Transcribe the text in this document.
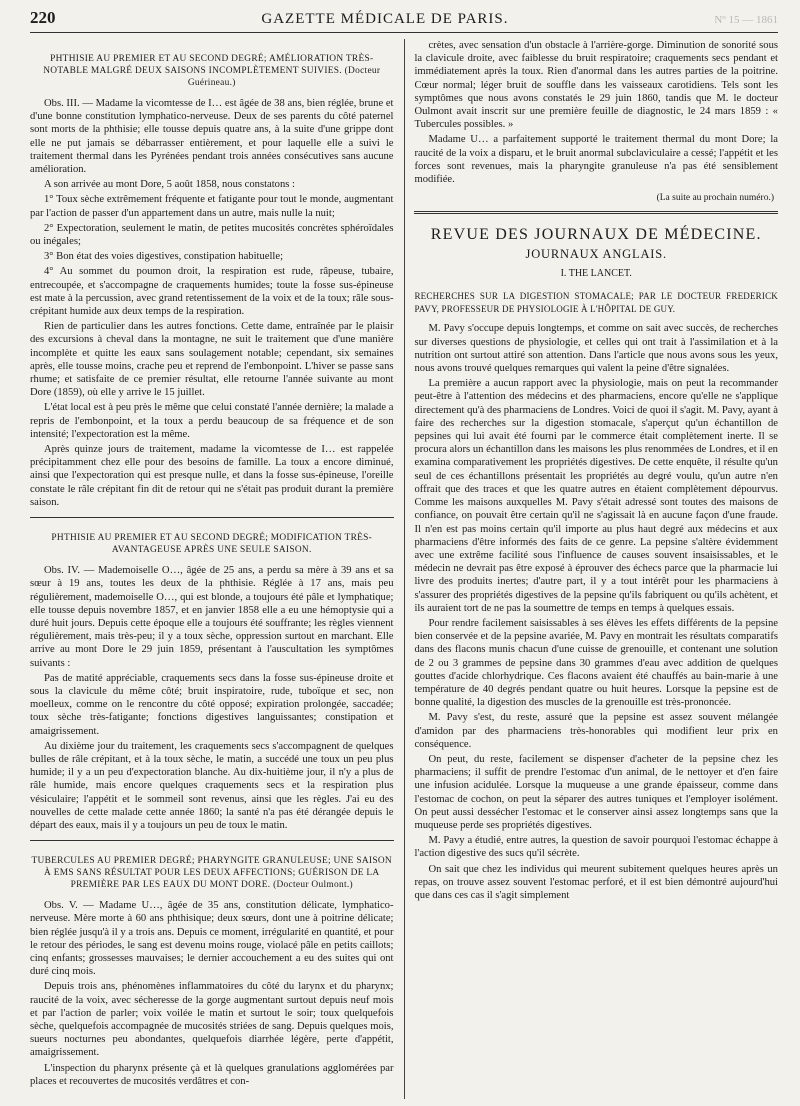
220	GAZETTE MÉDICALE DE PARIS.	Nº 15 — 1861
PHTHISIE AU PREMIER ET AU SECOND DEGRÉ; AMÉLIORATION TRÈS-NOTABLE MALGRÉ DEUX SAISONS INCOMPLÈTEMENT SUIVIES. (Docteur Guérineau.)

Obs. III. — Madame la vicomtesse de I… est âgée de 38 ans, bien réglée, brune et d'une bonne constitution lymphatico-nerveuse. Deux de ses parents du côté paternel sont morts de la phthisie; elle tousse depuis quatre ans, à la suite d'une grippe dont elle ne put jamais se débarrasser entièrement, et pour laquelle elle a suivi le traitement thermal dans les Pyrénées pendant trois années consécutives sans aucune amélioration.

A son arrivée au mont Dore, 5 août 1858, nous constatons :

1° Toux sèche extrêmement fréquente et fatigante pour tout le monde, augmentant par l'action de passer d'un appartement dans un autre, mais nulle la nuit;

2° Expectoration, seulement le matin, de petites mucosités concrètes sphéroïdales ou inégales;

3° Bon état des voies digestives, constipation habituelle;

4° Au sommet du poumon droit, la respiration est rude, râpeuse, tubaire, entrecoupée, et s'accompagne de craquements humides; toute la fosse sus-épineuse est mate à la percussion, avec grand retentissement de la voix et de la toux; râle sous-crépitant humide aux deux temps de la respiration.

Rien de particulier dans les autres fonctions. Cette dame, entraînée par le plaisir des excursions à cheval dans la montagne, ne suit le traitement que d'une manière incomplète et quitte les eaux sans soulagement notable; cependant, six semaines après, elle tousse moins, crache peu et reprend de l'embonpoint. L'hiver se passe sans rhume; et satisfaite de ce premier résultat, elle retourne l'année suivante au mont Dore (1859), où elle y arrive le 15 juillet.

L'état local est à peu près le même que celui constaté l'année dernière; la malade a repris de l'embonpoint, et la toux a perdu beaucoup de sa fréquence et de son intensité; l'expectoration est la même.

Après quinze jours de traitement, madame la vicomtesse de I… est rappelée précipitamment chez elle pour des besoins de famille. La toux a encore diminué, ainsi que l'expectoration qui est presque nulle, et dans la fosse sus-épineuse, l'oreille constate le râle crépitant fin dit de retour qui ne s'était pas produit durant la première saison.

PHTHISIE AU PREMIER ET AU SECOND DEGRÉ; MODIFICATION TRÈS-AVANTAGEUSE APRÈS UNE SEULE SAISON.

Obs. IV. — Mademoiselle O…, âgée de 25 ans, a perdu sa mère à 39 ans et sa sœur à 19 ans, toutes les deux de la phthisie. Réglée à 17 ans, mais peu régulièrement, mademoiselle O…, qui est blonde, a toujours été pâle et lymphatique; elle tousse depuis novembre 1857, et en janvier 1858 elle a eu une hémoptysie qui a duré huit jours. Depuis cette époque elle a toujours été souffrante; les règles viennent régulièrement, mais très-peu; il y a toux sèche, oppression surtout en marchant. Elle arrive au mont Dore le 29 juin 1859, présentant à l'auscultation les symptômes suivants :

Pas de matité appréciable, craquements secs dans la fosse sus-épineuse droite et sous la clavicule du même côté; bruit inspiratoire, rude, tuboïque et sec, non moelleux, comme on le rencontre du côté opposé; expiration prolongée, saccadée; toux sèche très-fatigante; fonctions digestives languissantes; constipation et amaigrissement.

Au dixième jour du traitement, les craquements secs s'accompagnent de quelques bulles de râle crépitant, et à la toux sèche, le matin, a succédé une toux un peu plus humide; il y a un peu d'expectoration blanche. Au dix-huitième jour, il n'y a plus de râle humide, mais encore quelques craquements secs et la respiration plus vésiculaire; l'appétit et le sommeil sont revenus, ainsi que les règles. J'ai eu des nouvelles de cette malade cette année 1860; la santé n'a pas été dérangée depuis le départ des eaux, mais il y a toujours un peu de toux le matin.

TUBERCULES AU PREMIER DEGRÉ; PHARYNGITE GRANULEUSE; UNE SAISON À EMS SANS RÉSULTAT POUR LES DEUX AFFECTIONS; GUÉRISON DE LA PREMIÈRE PAR LES EAUX DU MONT DORE. (Docteur Oulmont.)

Obs. V. — Madame U…, âgée de 35 ans, constitution délicate, lymphatico-nerveuse. Mère morte à 60 ans phthisique; deux sœurs, dont une à poitrine délicate; bien réglée jusqu'à il y a trois ans. Depuis ce moment, irrégularité en quantité, et pour le retour des périodes, le sang est devenu moins rouge, violacé pâle en petits caillots; cinq enfants; grossesses mauvaises; le dernier accouchement a eu des suites qui ont duré cinq mois.

Depuis trois ans, phénomènes inflammatoires du côté du larynx et du pharynx; raucité de la voix, avec sécheresse de la gorge augmentant surtout depuis neuf mois et par l'action de parler; voix voilée le matin et surtout le soir; toux quelquefois sèche, quelquefois accompagnée de mucosités striées de sang. Depuis quelques mois, sueurs nocturnes peu abondantes, quelquefois diarrhée légère, perte d'appétit, amaigrissement.

L'inspection du pharynx présente çà et là quelques granulations agglomérées par places et recouvertes de mucosités verdâtres et con-

crètes, avec sensation d'un obstacle à l'arrière-gorge. Diminution de sonorité sous la clavicule droite, avec faiblesse du bruit respiratoire; craquements secs pendant et immédiatement après la toux. Rien d'anormal dans les autres parties de la poitrine. Cœur normal; léger bruit de souffle dans les vaisseaux carotidiens. Tels sont les symptômes que nous avons constatés le 29 juin 1860, tandis que M. le docteur Oulmont avait inscrit sur une première feuille de diagnostic, le 24 mars 1859 : « Tubercules possibles. »

Madame U… a parfaitement supporté le traitement thermal du mont Dore; la raucité de la voix a disparu, et le bruit anormal subclaviculaire a cessé; l'appétit et les forces sont revenues, mais la pharyngite granuleuse n'a pas été sensiblement modifiée.

(La suite au prochain numéro.)
REVUE DES JOURNAUX DE MÉDECINE.
JOURNAUX ANGLAIS.
I. THE LANCET.

RECHERCHES SUR LA DIGESTION STOMACALE; PAR LE DOCTEUR FREDERICK PAVY, PROFESSEUR DE PHYSIOLOGIE À L'HÔPITAL DE GUY.

M. Pavy s'occupe depuis longtemps, et comme on sait avec succès, de recherches sur diverses questions de physiologie, et celles qui ont trait à l'assimilation et à la nutrition ont surtout attiré son attention. Dans l'article que nous avons sous les yeux, nous avons trouvé quelques remarques qui valent la peine d'être signalées.

La première a aucun rapport avec la physiologie, mais on peut la recommander peut-être à l'attention des médecins et des pharmaciens, encore qu'elle ne s'applique directement qu'à des pharmaciens de Londres. Voici de quoi il s'agit. M. Pavy, ayant à faire des recherches sur la digestion stomacale, s'aperçut qu'un échantillon de pepsines qui lui avait été fourni par le commerce était complètement inerte. Il se procura alors un échantillon dans les maisons les plus renommées de Londres, et il en examina comparativement les propriétés digestives. De cette enquête, il résulte qu'un seul de ces échantillons présentait les propriétés au degré voulu, qu'un autre n'en offrait que des traces et que les quatre autres en étaient complètement dépourvus. Comme les maisons auxquelles M. Pavy s'était adressé sont toutes des maisons de confiance, on pouvait être certain qu'il ne s'agissait là en aucune façon d'une fraude. Il n'en est pas moins certain qu'il importe au plus haut degré aux médecins et aux pharmaciens d'être informés des faits de ce genre. La pepsine s'altère évidemment avec une extrême facilité sous l'influence de causes souvent insaisissables, et le médecin ne devrait pas être exposé à éprouver des échecs parce que la pharmacie lui livre des produits inertes; d'autre part, il y a tout intérêt pour les pharmaciens à s'assurer des propriétés digestives de la pepsine qu'ils fabriquent ou qu'ils achètent, et ils auraient tort de ne pas la soumettre de temps en temps à quelques essais.

Pour rendre facilement saisissables à ses élèves les effets différents de la pepsine bien conservée et de la pepsine avariée, M. Pavy en montrait les résultats comparatifs dans des flacons munis chacun d'une cuisse de grenouille, et contenant une solution de 2 ou 3 grammes de pepsine dans 30 grammes d'eau avec addition de quelques gouttes d'acide chlorhydrique. Ces flacons avaient été chauffés au bain-marie à une température de 40 degrés pendant quatre ou huit heures. Lorsque la pepsine est de bonne qualité, la digestion des muscles de la grenouille est très-prononcée.

M. Pavy s'est, du reste, assuré que la pepsine est assez souvent mélangée d'amidon par des pharmaciens très-honorables qui modifient leur prix en conséquence.

On peut, du reste, facilement se dispenser d'acheter de la pepsine chez les pharmaciens; il suffit de prendre l'estomac d'un animal, de le nettoyer et d'en faire une infusion acidulée. Lorsque la muqueuse a une grande épaisseur, comme dans l'estomac de cochon, on peut la séparer des autres tuniques et l'employer isolément. On peut aussi dessécher l'estomac et le conserver ainsi assez longtemps sans que la muqueuse perde ses propriétés digestives.

M. Pavy a étudié, entre autres, la question de savoir pourquoi l'estomac échappe à l'action digestive des sucs qu'il sécrète.

On sait que chez les individus qui meurent subitement quelques heures après un repas, on trouve assez souvent l'estomac perforé, et il est bien démontré aujourd'hui que dans ces cas il s'agit simplement
